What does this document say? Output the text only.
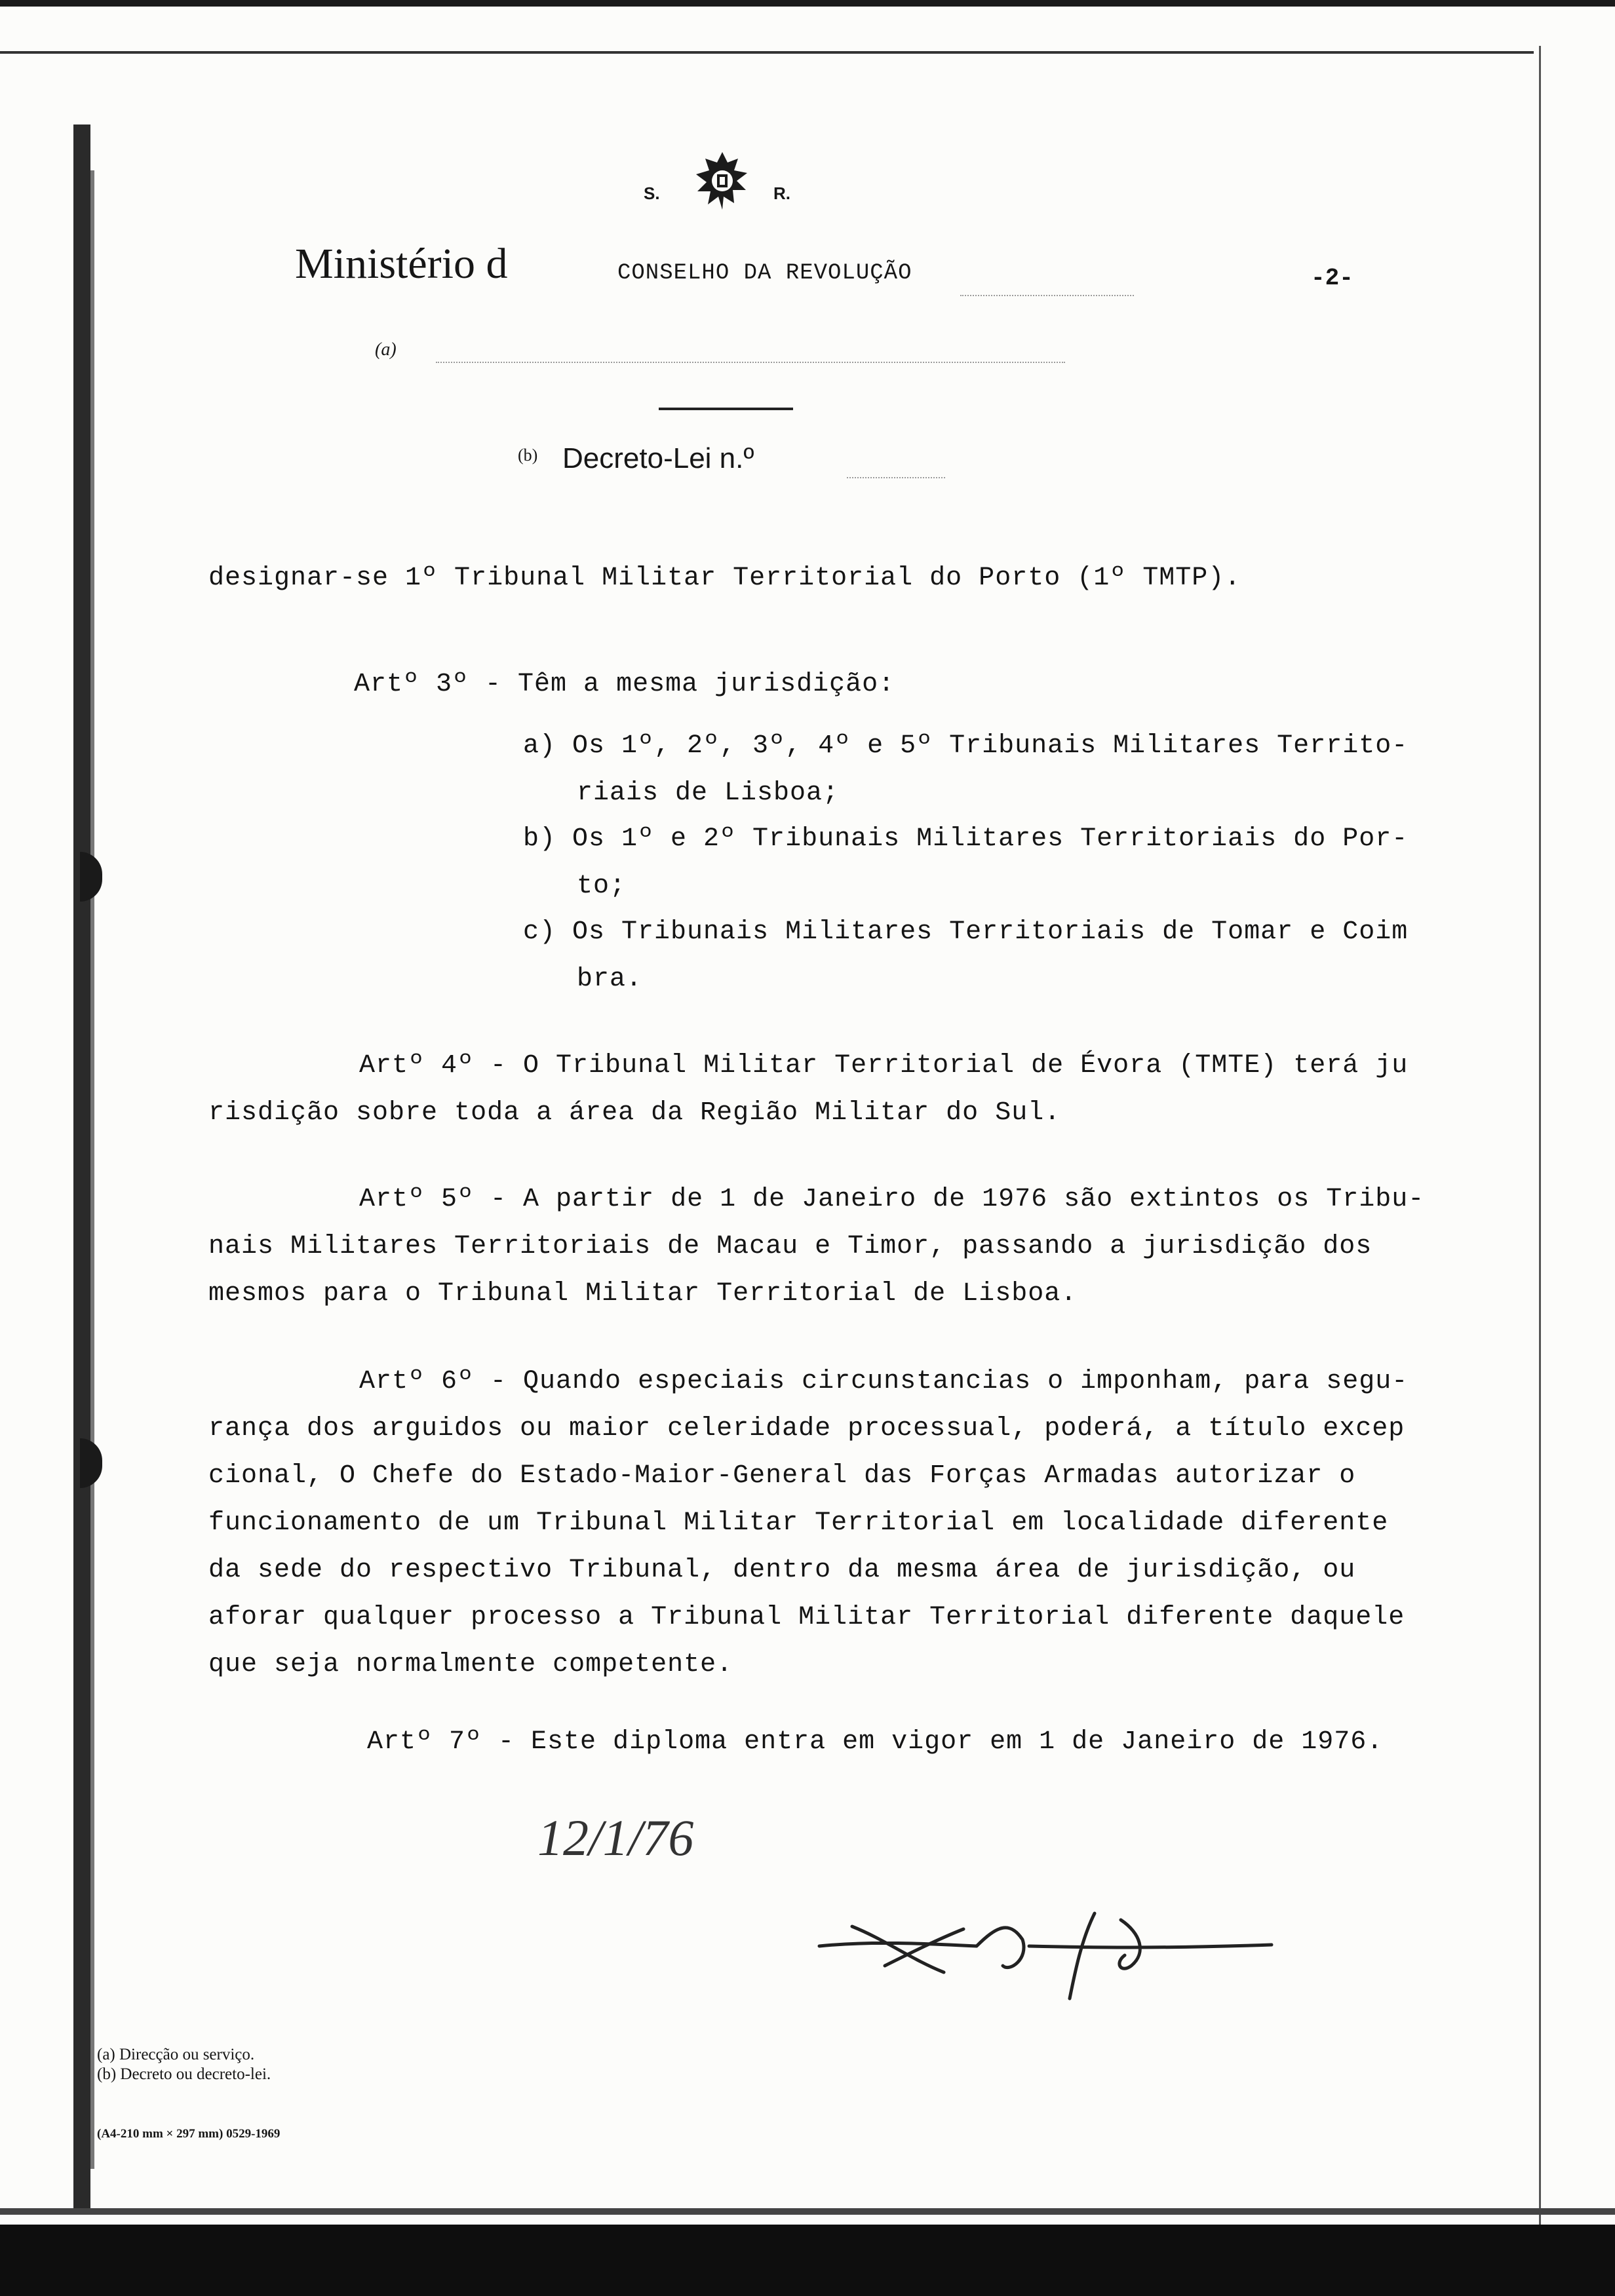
S.	R.
Ministério d	CONSELHO DA REVOLUÇÃO	-2-
(a)
(b) Decreto-Lei n.º
designar-se 1º Tribunal Militar Territorial do Porto (1º TMTP).
Artº 3º - Têm a mesma jurisdição:
a) Os 1º, 2º, 3º, 4º e 5º Tribunais Militares Territo-
riais de Lisboa;
b) Os 1º e 2º Tribunais Militares Territoriais do Por-
to;
c) Os Tribunais Militares Territoriais de Tomar e Coim
bra.
Artº 4º - O Tribunal Militar Territorial de Évora (TMTE) terá ju
risdição sobre toda a área da Região Militar do Sul.
Artº 5º - A partir de 1 de Janeiro de 1976 são extintos os Tribu-
nais Militares Territoriais de Macau e Timor, passando a jurisdição dos
mesmos para o Tribunal Militar Territorial de Lisboa.
Artº 6º - Quando especiais circunstancias o imponham, para segu-
rança dos arguidos ou maior celeridade processual, poderá, a título excep
cional, O Chefe do Estado-Maior-General das Forças Armadas autorizar o
funcionamento de um Tribunal Militar Territorial em localidade diferente
da sede do respectivo Tribunal, dentro da mesma área de jurisdição, ou
aforar qualquer processo a Tribunal Militar Territorial diferente daquele
que seja normalmente competente.
Artº 7º - Este diploma entra em vigor em 1 de Janeiro de 1976.
12/1/76
(a) Direcção ou serviço.
(b) Decreto ou decreto-lei.
(A4-210 mm × 297 mm) 0529-1969
